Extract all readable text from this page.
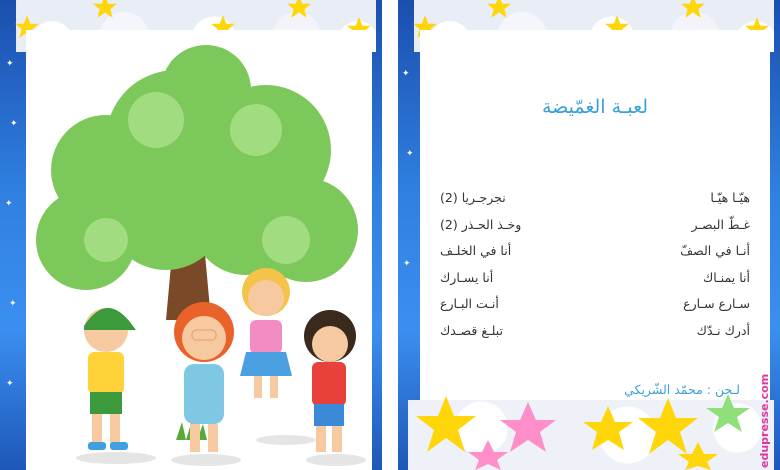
✦
✦
✦
✦
✦
✦
✦
✦
لعبـة الغمّيضة
هيّـا هيّـا
نجرجـريا (2)
غـطّ البصـر
وخـذ الحـذر (2)
أنـا في الصفّ
أنا في الخلـف
أنا يمنـاك
أنا يسـارك
سـارع سـارع
أنـت البـارع
أدرك نـدّك
تبلـغ قصـدك
لـحن : محمّد الشّريكي edupresse.com
